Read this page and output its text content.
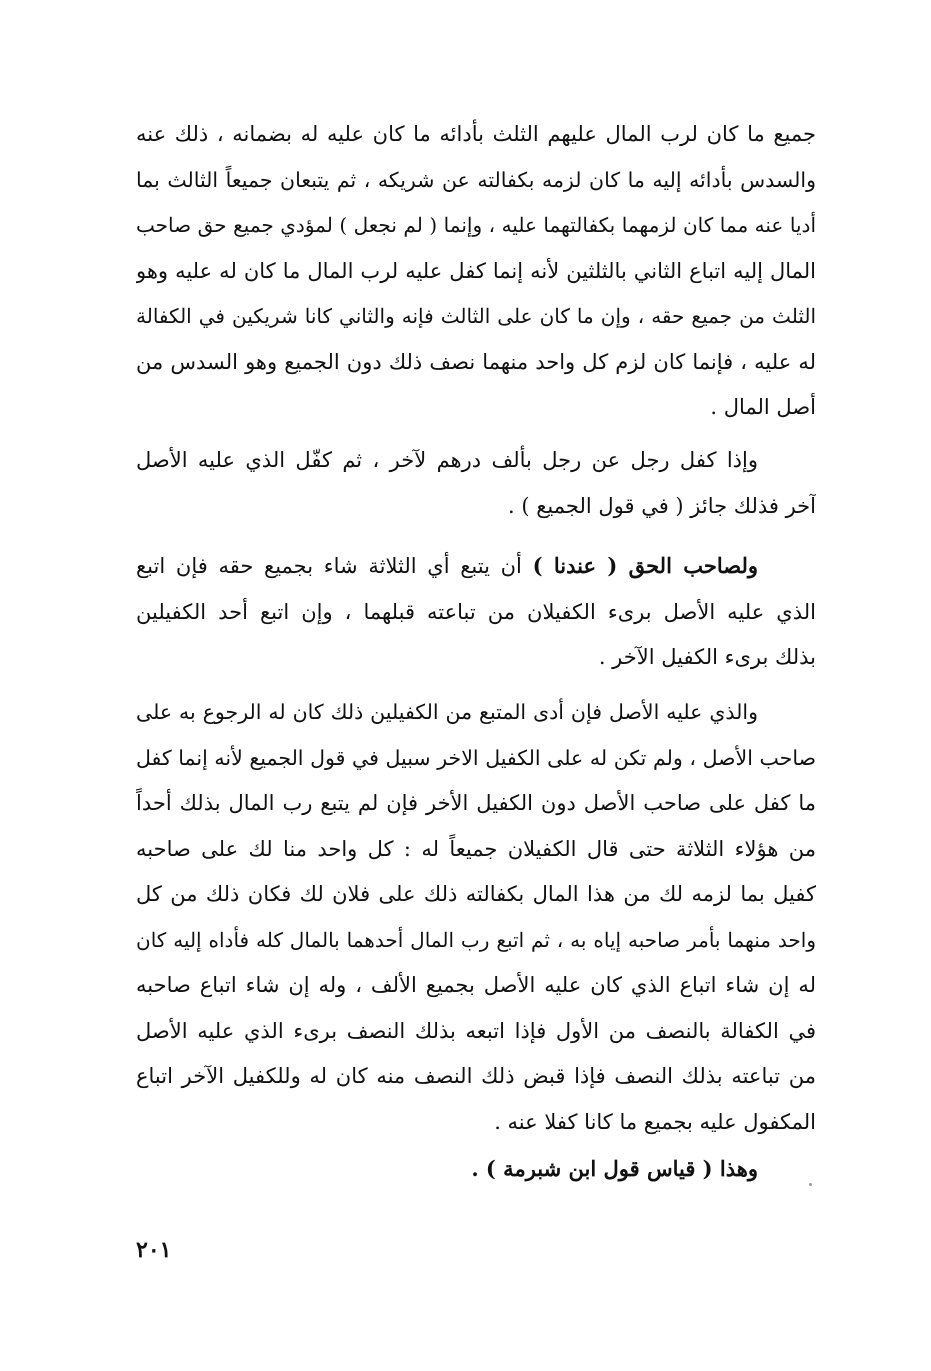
جميع ما كان لرب المال عليهم الثلث بأدائه ما كان عليه له بضمانه ، ذلك عنه
والسدس بأدائه إليه ما كان لزمه بكفالته عن شريكه ، ثم يتبعان جميعاً الثالث بما
أديا عنه مما كان لزمهما بكفالتهما عليه ، وإنما ( لم نجعل ) لمؤدي جميع حق صاحب
المال إليه اتباع الثاني بالثلثين لأنه إنما كفل عليه لرب المال ما كان له عليه وهو
الثلث من جميع حقه ، وإن ما كان على الثالث فإنه والثاني كانا شريكين في الكفالة
له عليه ، فإنما كان لزم كل واحد منهما نصف ذلك دون الجميع وهو السدس من
أصل المال .
وإذا كفل رجل عن رجل بألف درهم لآخر ، ثم كفّل الذي عليه الأصل
آخر فذلك جائز ( في قول الجميع ) .
ولصاحب الحق ( عندنا ) أن يتبع أي الثلاثة شاء بجميع حقه فإن اتبع
الذي عليه الأصل برىء الكفيلان من تباعته قبلهما ، وإن اتبع أحد الكفيلين
بذلك برىء الكفيل الآخر .
والذي عليه الأصل فإن أدى المتبع من الكفيلين ذلك كان له الرجوع به على
صاحب الأصل ، ولم تكن له على الكفيل الاخر سبيل في قول الجميع لأنه إنما كفل
ما كفل على صاحب الأصل دون الكفيل الأخر فإن لم يتبع رب المال بذلك أحداً
من هؤلاء الثلاثة حتى قال الكفيلان جميعاً له : كل واحد منا لك على صاحبه
كفيل بما لزمه لك من هذا المال بكفالته ذلك على فلان لك فكان ذلك من كل
واحد منهما بأمر صاحبه إياه به ، ثم اتبع رب المال أحدهما بالمال كله فأداه إليه كان
له إن شاء اتباع الذي كان عليه الأصل بجميع الألف ، وله إن شاء اتباع صاحبه
في الكفالة بالنصف من الأول فإذا اتبعه بذلك النصف برىء الذي عليه الأصل
من تباعته بذلك النصف فإذا قبض ذلك النصف منه كان له وللكفيل الآخر اتباع
المكفول عليه بجميع ما كانا كفلا عنه .
وهذا ( قياس قول ابن شبرمة ) .
٢٠١
